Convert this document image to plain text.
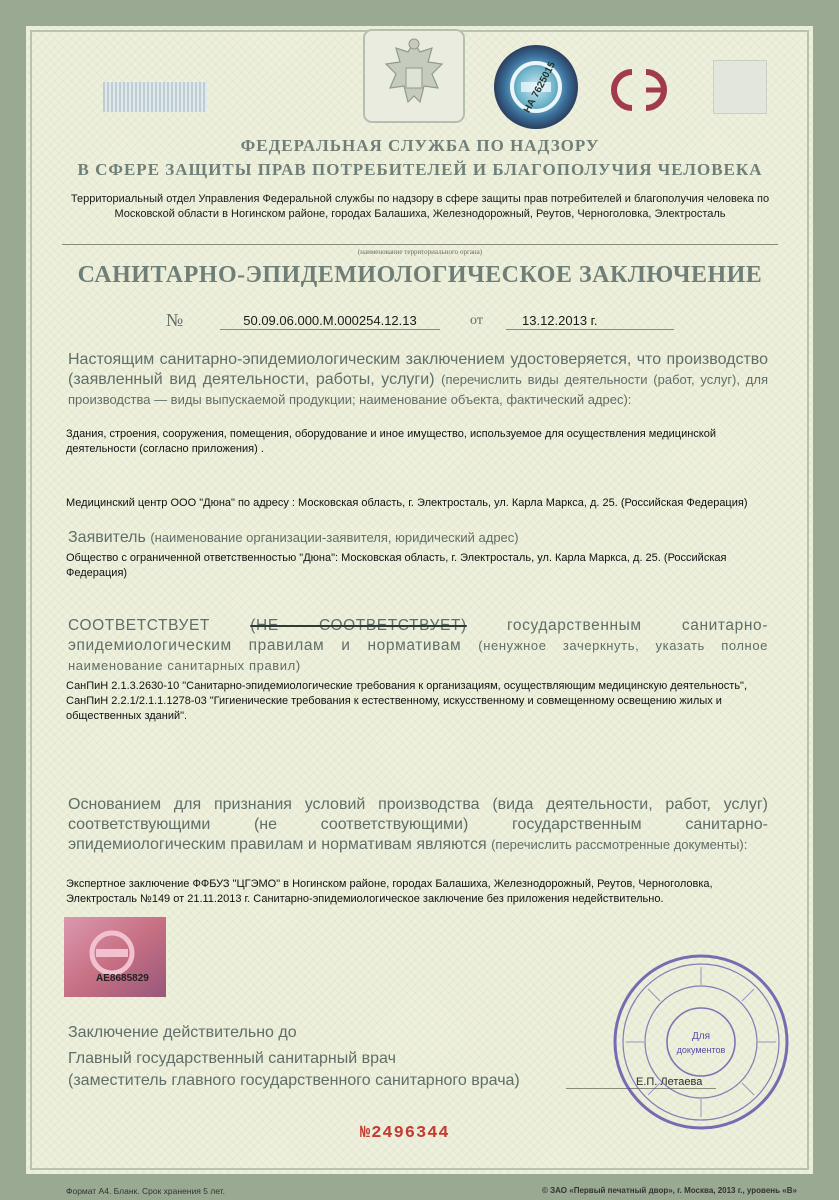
НА 7625015
ФЕДЕРАЛЬНАЯ СЛУЖБА ПО НАДЗОРУ
В СФЕРЕ ЗАЩИТЫ ПРАВ ПОТРЕБИТЕЛЕЙ И БЛАГОПОЛУЧИЯ ЧЕЛОВЕКА
Территориальный отдел Управления Федеральной службы по надзору в сфере защиты прав потребителей и благополучия человека по Московской области в Ногинском районе, городах Балашиха, Железнодорожный, Реутов, Черноголовка, Электросталь
(наименование территориального органа)
САНИТАРНО-ЭПИДЕМИОЛОГИЧЕСКОЕ ЗАКЛЮЧЕНИЕ
№	50.09.06.000.М.000254.12.13	от	13.12.2013 г.
Настоящим санитарно-эпидемиологическим заключением удостоверяется, что производство (заявленный вид деятельности, работы, услуги) (перечислить виды деятельности (работ, услуг), для производства — виды выпускаемой продукции; наименование объекта, фактический адрес):
Здания, строения, сооружения, помещения, оборудование и иное имущество, используемое для осуществления медицинской деятельности (согласно приложения) .
Медицинский центр ООО "Дюна" по адресу : Московская область, г. Электросталь, ул. Карла Маркса, д. 25. (Российская Федерация)
Заявитель (наименование организации-заявителя, юридический адрес)
Общество с ограниченной ответственностью "Дюна": Московская область, г. Электросталь, ул. Карла Маркса, д. 25. (Российская Федерация)
СООТВЕТСТВУЕТ	(НЕ СООТВЕТСТВУЕТ)	государственным санитарно-эпидемиологическим правилам и нормативам (ненужное зачеркнуть, указать полное наименование санитарных правил)
СанПиН 2.1.3.2630-10 "Санитарно-эпидемиологические требования к организациям, осуществляющим медицинскую деятельность", СанПиН 2.2.1/2.1.1.1278-03 "Гигиенические требования к естественному, искусственному и совмещенному освещению жилых и общественных зданий".
Основанием для признания условий производства (вида деятельности, работ, услуг) соответствующими (не соответствующими) государственным санитарно-эпидемиологическим правилам и нормативам являются (перечислить рассмотренные документы):
Экспертное заключение ФФБУЗ "ЦГЭМО" в Ногинском районе, городах Балашиха, Железнодорожный, Реутов, Черноголовка, Электросталь №149 от 21.11.2013 г. Санитарно-эпидемиологическое заключение без приложения недействительно.
АЕ8685829
Заключение действительно до
Главный государственный санитарный врач
(заместитель главного государственного санитарного врача)	Е.П. Летаева
Для
документов
№2496344
Формат А4. Бланк. Срок хранения 5 лет.	© ЗАО «Первый печатный двор», г. Москва, 2013 г., уровень «В»
